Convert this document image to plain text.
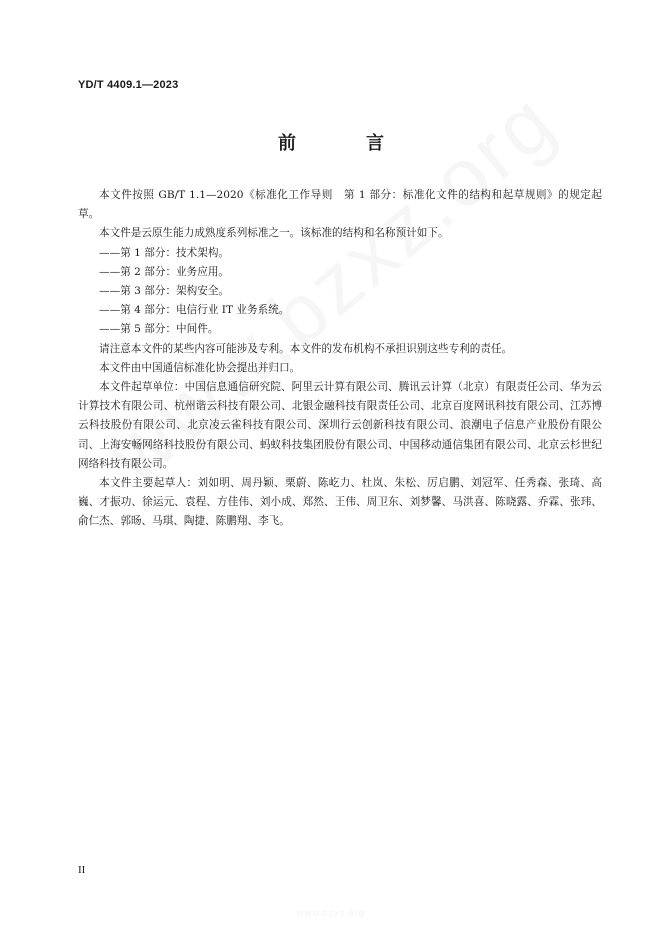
YD/T 4409.1—2023
前　言

本文件按照 GB/T 1.1—2020《标准化工作导则　第 1 部分：标准化文件的结构和起草规则》的规定起草。

本文件是云原生能力成熟度系列标准之一。该标准的结构和名称预计如下。

——第 1 部分：技术架构。

——第 2 部分：业务应用。

——第 3 部分：架构安全。

——第 4 部分：电信行业 IT 业务系统。

——第 5 部分：中间件。

请注意本文件的某些内容可能涉及专利。本文件的发布机构不承担识别这些专利的责任。

本文件由中国通信标准化协会提出并归口。

本文件起草单位：中国信息通信研究院、阿里云计算有限公司、腾讯云计算（北京）有限责任公司、华为云计算技术有限公司、杭州谐云科技有限公司、北银金融科技有限责任公司、北京百度网讯科技有限公司、江苏博云科技股份有限公司、北京凌云雀科技有限公司、深圳行云创新科技有限公司、浪潮电子信息产业股份有限公司、上海安畅网络科技股份有限公司、蚂蚁科技集团股份有限公司、中国移动通信集团有限公司、北京云杉世纪网络科技有限公司。

本文件主要起草人：刘如明、周丹颖、栗蔚、陈屹力、杜岚、朱松、厉启鹏、刘冠军、任秀森、张琦、高巍、才振功、徐运元、袁程、方佳伟、刘小成、郑然、王伟、周卫东、刘梦馨、马洪喜、陈晓露、乔霖、张玮、俞仁杰、郭旸、马琪、陶捷、陈鹏翔、李飞。

II
www.bzxz.org
